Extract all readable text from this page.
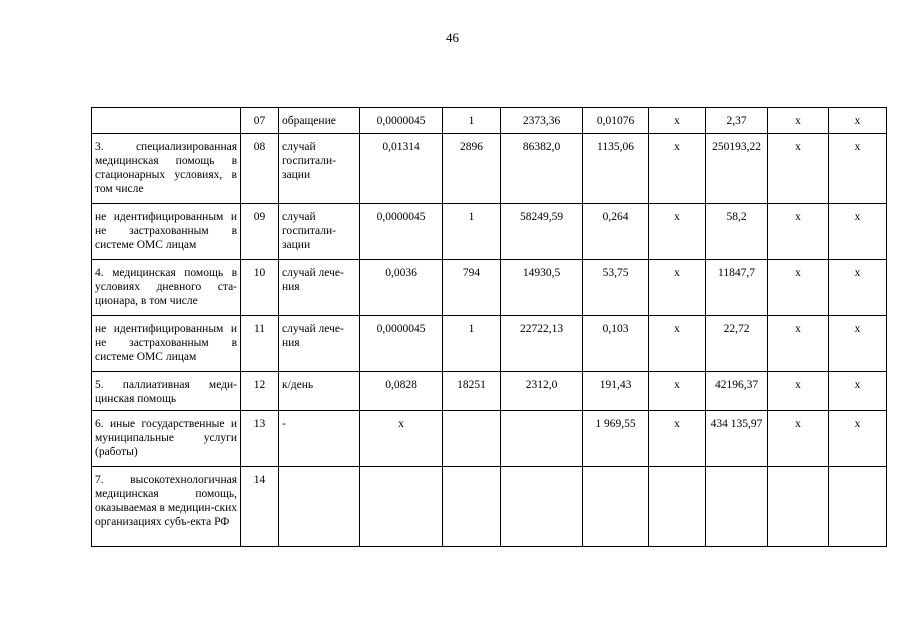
46
	07	обращение	0,0000045	1	2373,36	0,01076	х	2,37	х	х
3. специализированная медицинская помощь в стационарных условиях, в том числе	08	случай госпитали-зации	0,01314	2896	86382,0	1135,06	х	250193,22	х	х
не идентифицированным и не застрахованным в системе ОМС лицам	09	случай госпитали-зации	0,0000045	1	58249,59	0,264	х	58,2	х	х
4. медицинская помощь в условиях дневного ста-ционара, в том числе	10	случай лече-ния	0,0036	794	14930,5	53,75	х	11847,7	х	х
не идентифицированным и не застрахованным в системе ОМС лицам	11	случай лече-ния	0,0000045	1	22722,13	0,103	х	22,72	х	х
5. паллиативная меди-цинская помощь	12	к/день	0,0828	18251	2312,0	191,43	х	42196,37	х	х
6. иные государственные и муниципальные услуги (работы)	13	-	х			1 969,55	х	434 135,97	х	х
7. высокотехнологичная медицинская помощь, оказываемая в медицин-ских организациях субъ-екта РФ	14									
